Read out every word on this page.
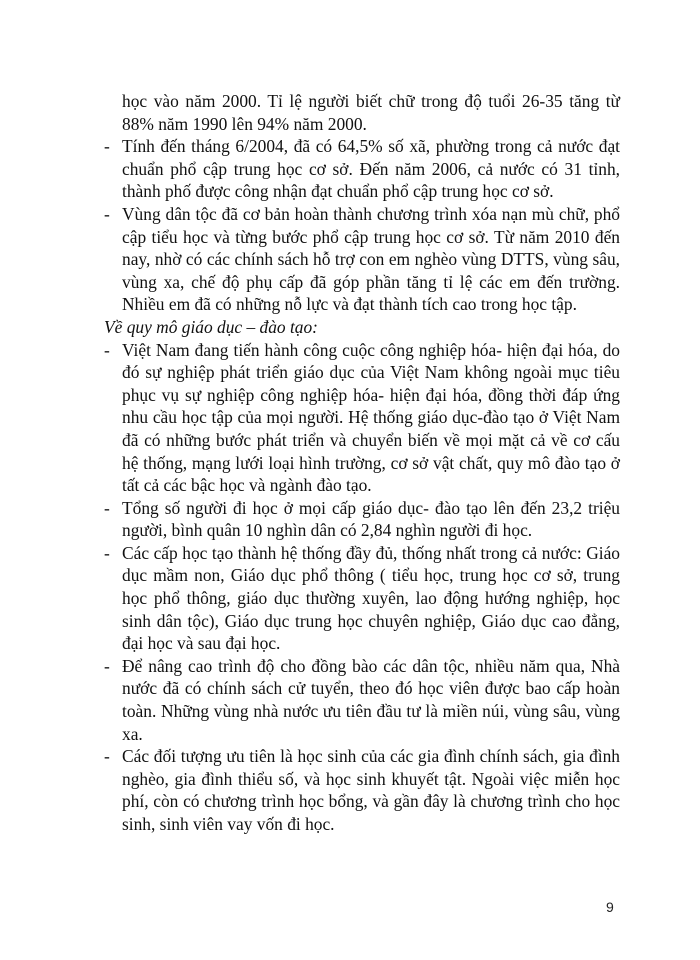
học vào năm 2000. Tỉ lệ người biết chữ trong độ tuổi 26-35 tăng từ 88% năm 1990 lên 94% năm 2000.

- Tính đến tháng 6/2004, đã có 64,5% số xã, phường trong cả nước đạt chuẩn phổ cập trung học cơ sở. Đến năm 2006, cả nước có 31 tỉnh, thành phố được công nhận đạt chuẩn phổ cập trung học cơ sở.

- Vùng dân tộc đã cơ bản hoàn thành chương trình xóa nạn mù chữ, phổ cập tiểu học và từng bước phổ cập trung học cơ sở. Từ năm 2010 đến nay, nhờ có các chính sách hỗ trợ con em nghèo vùng DTTS, vùng sâu, vùng xa, chế độ phụ cấp đã góp phần tăng tỉ lệ các em đến trường. Nhiều em đã có những nỗ lực và đạt thành tích cao trong học tập.

Về quy mô giáo dục – đào tạo:

- Việt Nam đang tiến hành công cuộc công nghiệp hóa- hiện đại hóa, do đó sự nghiệp phát triển giáo dục của Việt Nam không ngoài mục tiêu phục vụ sự nghiệp công nghiệp hóa- hiện đại hóa, đồng thời đáp ứng nhu cầu học tập của mọi người. Hệ thống giáo dục-đào tạo ở Việt Nam đã có những bước phát triển và chuyển biến về mọi mặt cả về cơ cấu hệ thống, mạng lưới loại hình trường, cơ sở vật chất, quy mô đào tạo ở tất cả các bậc học và ngành đào tạo.

- Tổng số người đi học ở mọi cấp giáo dục- đào tạo lên đến 23,2 triệu người, bình quân 10 nghìn dân có 2,84 nghìn người đi học.

- Các cấp học tạo thành hệ thống đầy đủ, thống nhất trong cả nước: Giáo dục mầm non, Giáo dục phổ thông ( tiểu học, trung học cơ sở, trung học phổ thông, giáo dục thường xuyên, lao động hướng nghiệp, học sinh dân tộc), Giáo dục trung học chuyên nghiệp, Giáo dục cao đẳng, đại học và sau đại học.

- Để nâng cao trình độ cho đồng bào các dân tộc, nhiều năm qua, Nhà nước đã có chính sách cử tuyển, theo đó học viên được bao cấp hoàn toàn. Những vùng nhà nước ưu tiên đầu tư là miền núi, vùng sâu, vùng xa.

- Các đối tượng ưu tiên là học sinh của các gia đình chính sách, gia đình nghèo, gia đình thiểu số, và học sinh khuyết tật. Ngoài việc miễn học phí, còn có chương trình học bổng, và gần đây là chương trình cho học sinh, sinh viên vay vốn đi học.

9
